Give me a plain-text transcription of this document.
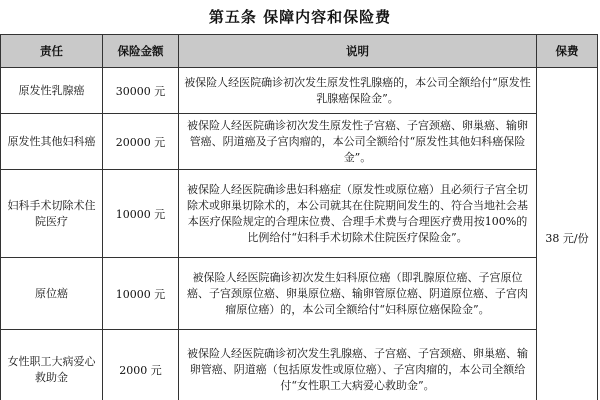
第五条 保障内容和保险费
责任	保险金额	说明	保费
原发性乳腺癌	30000 元	被保险人经医院确诊初次发生原发性乳腺癌的，本公司全额给付“原发性乳腺癌保险金”。	38 元/份
原发性其他妇科癌	20000 元	被保险人经医院确诊初次发生原发性子宫癌、子宫颈癌、卵巢癌、输卵管癌、阴道癌及子宫肉瘤的，本公司全额给付“原发性其他妇科癌保险金”。	
妇科手术切除术住院医疗	10000 元	被保险人经医院确诊患妇科癌症（原发性或原位癌）且必须行子宫全切除术或卵巢切除术的，本公司就其在住院期间发生的、符合当地社会基本医疗保险规定的合理床位费、合理手术费与合理医疗费用按100%的比例给付“妇科手术切除术住院医疗保险金”。	
原位癌	10000 元	被保险人经医院确诊初次发生妇科原位癌（即乳腺原位癌、子宫原位癌、子宫颈原位癌、卵巢原位癌、输卵管原位癌、阴道原位癌、子宫肉瘤原位癌）的，本公司全额给付“妇科原位癌保险金”。	
女性职工大病爱心救助金	2000 元	被保险人经医院确诊初次发生乳腺癌、子宫癌、子宫颈癌、卵巢癌、输卵管癌、阴道癌（包括原发性或原位癌）、子宫肉瘤的，本公司全额给付“女性职工大病爱心救助金”。	
